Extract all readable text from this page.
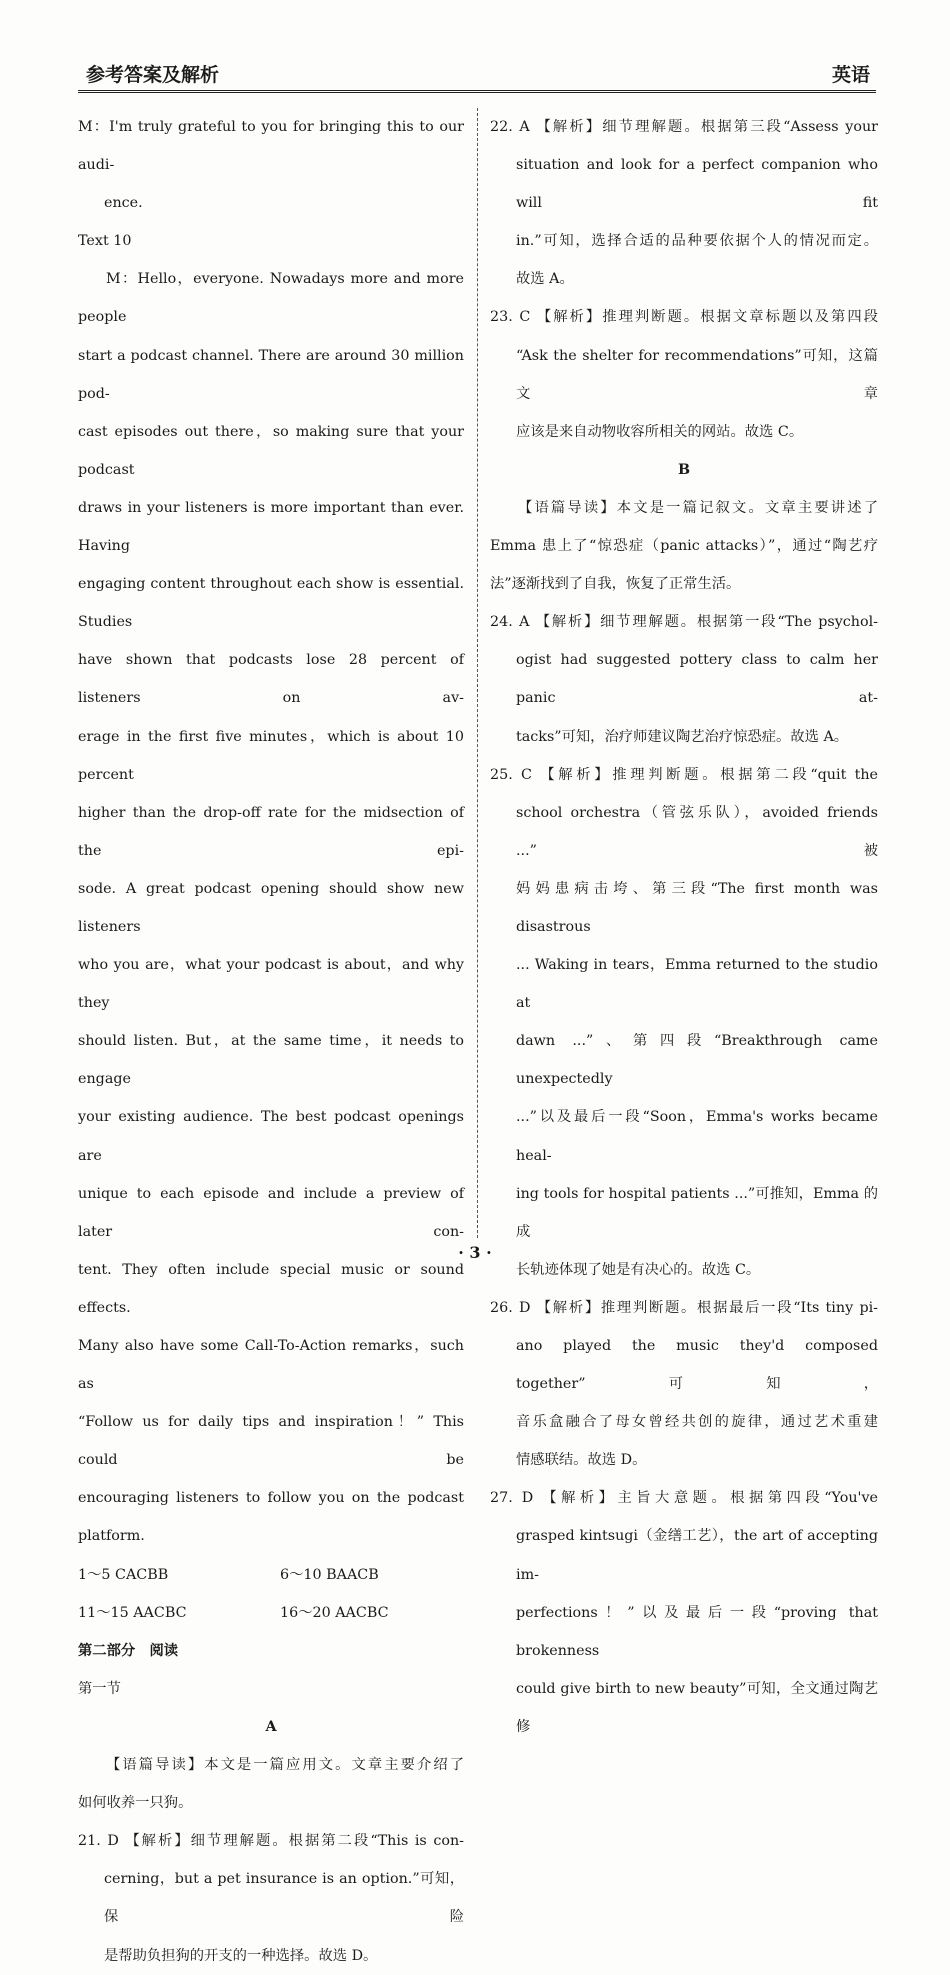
参考答案及解析	英语

M：I'm truly grateful to you for bringing this to our audi-

ence.

Text 10

M：Hello，everyone. Nowadays more and more people

start a podcast channel. There are around 30 million pod-

cast episodes out there，so making sure that your podcast

draws in your listeners is more important than ever. Having

engaging content throughout each show is essential. Studies

have shown that podcasts lose 28 percent of listeners on av-

erage in the first five minutes，which is about 10 percent

higher than the drop-off rate for the midsection of the epi-

sode. A great podcast opening should show new listeners

who you are，what your podcast is about，and why they

should listen. But，at the same time，it needs to engage

your existing audience. The best podcast openings are

unique to each episode and include a preview of later con-

tent. They often include special music or sound effects.

Many also have some Call-To-Action remarks，such as

“Follow us for daily tips and inspiration！” This could be

encouraging listeners to follow you on the podcast platform.

1～5 CACBB	6～10 BAACB
11～15 AACBC	16～20 AACBC

第二部分　阅读

第一节

A

【语篇导读】本文是一篇应用文。文章主要介绍了

如何收养一只狗。

21. D 【解析】细节理解题。根据第二段“This is con-

cerning，but a pet insurance is an option.”可知，保险

是帮助负担狗的开支的一种选择。故选 D。

22. A 【解析】细节理解题。根据第三段“Assess your

situation and look for a perfect companion who will fit

in.”可知，选择合适的品种要依据个人的情况而定。

故选 A。

23. C 【解析】推理判断题。根据文章标题以及第四段

“Ask the shelter for recommendations”可知，这篇文章

应该是来自动物收容所相关的网站。故选 C。

B

【语篇导读】本文是一篇记叙文。文章主要讲述了

Emma 患上了“惊恐症（panic attacks）”，通过“陶艺疗

法”逐渐找到了自我，恢复了正常生活。

24. A 【解析】细节理解题。根据第一段“The psychol-

ogist had suggested pottery class to calm her panic at-

tacks”可知，治疗师建议陶艺治疗惊恐症。故选 A。

25. C 【解析】推理判断题。根据第二段“quit the

school orchestra（管弦乐队），avoided friends ...”被

妈妈患病击垮、第三段“The first month was disastrous

... Waking in tears，Emma returned to the studio at

dawn ...”、第四段“Breakthrough came unexpectedly

...”以及最后一段“Soon，Emma's works became heal-

ing tools for hospital patients ...”可推知，Emma 的成

长轨迹体现了她是有决心的。故选 C。

26. D 【解析】推理判断题。根据最后一段“Its tiny pi-

ano played the music they'd composed together”可知，

音乐盒融合了母女曾经共创的旋律，通过艺术重建

情感联结。故选 D。

27. D 【解析】主旨大意题。根据第四段“You've

grasped kintsugi（金缮工艺），the art of accepting im-

perfections！”以及最后一段“proving that brokenness

could give birth to new beauty”可知，全文通过陶艺修

· 3 ·
